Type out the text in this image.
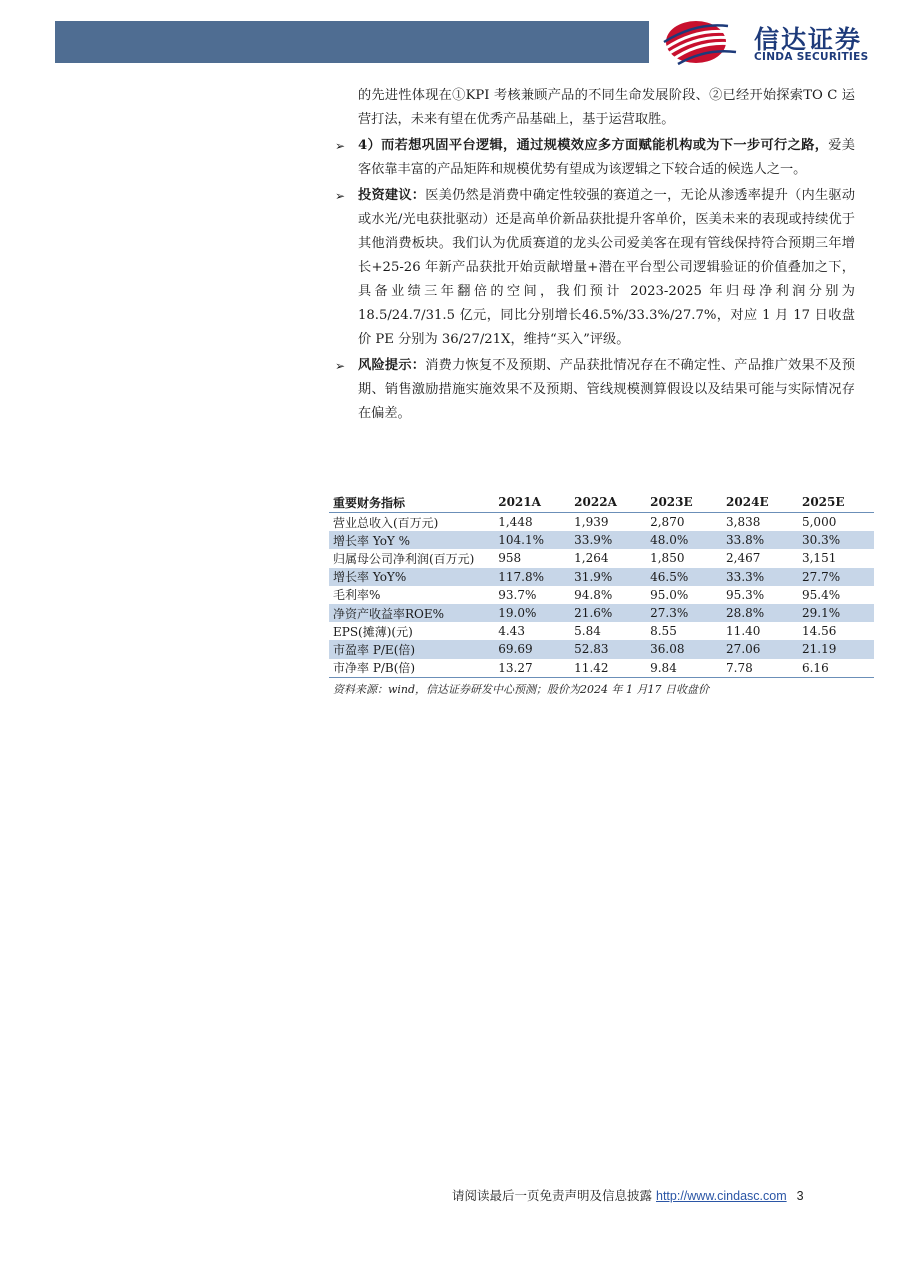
信达证券
CINDA SECURITIES

的先进性体现在①KPI 考核兼顾产品的不同生命发展阶段、②已经开始探索TO C 运营打法，未来有望在优秀产品基础上，基于运营取胜。

➢ 4）而若想巩固平台逻辑，通过规模效应多方面赋能机构或为下一步可行之路，爱美客依靠丰富的产品矩阵和规模优势有望成为该逻辑之下较合适的候选人之一。

➢ 投资建议：医美仍然是消费中确定性较强的赛道之一，无论从渗透率提升（内生驱动或水光/光电获批驱动）还是高单价新品获批提升客单价，医美未来的表现或持续优于其他消费板块。我们认为优质赛道的龙头公司爱美客在现有管线保持符合预期三年增长+25-26 年新产品获批开始贡献增量+潜在平台型公司逻辑验证的价值叠加之下，具备业绩三年翻倍的空间，我们预计 2023-2025 年归母净利润分别为 18.5/24.7/31.5 亿元，同比分别增长46.5%/33.3%/27.7%，对应 1 月 17 日收盘价 PE 分别为 36/27/21X，维持“买入”评级。

➢ 风险提示：消费力恢复不及预期、产品获批情况存在不确定性、产品推广效果不及预期、销售激励措施实施效果不及预期、管线规模测算假设以及结果可能与实际情况存在偏差。

重要财务指标	2021A	2022A	2023E	2024E	2025E
营业总收入(百万元)	1,448	1,939	2,870	3,838	5,000
增长率 YoY %	104.1%	33.9%	48.0%	33.8%	30.3%
归属母公司净利润(百万元)	958	1,264	1,850	2,467	3,151
增长率 YoY%	117.8%	31.9%	46.5%	33.3%	27.7%
毛利率%	93.7%	94.8%	95.0%	95.3%	95.4%
净资产收益率ROE%	19.0%	21.6%	27.3%	28.8%	29.1%
EPS(摊薄)(元)	4.43	5.84	8.55	11.40	14.56
市盈率 P/E(倍)	69.69	52.83	36.08	27.06	21.19
市净率 P/B(倍)	13.27	11.42	9.84	7.78	6.16
资料来源：wind，信达证券研发中心预测；股价为2024 年 1 月17 日收盘价
请阅读最后一页免责声明及信息披露 http://www.cindasc.com 3
